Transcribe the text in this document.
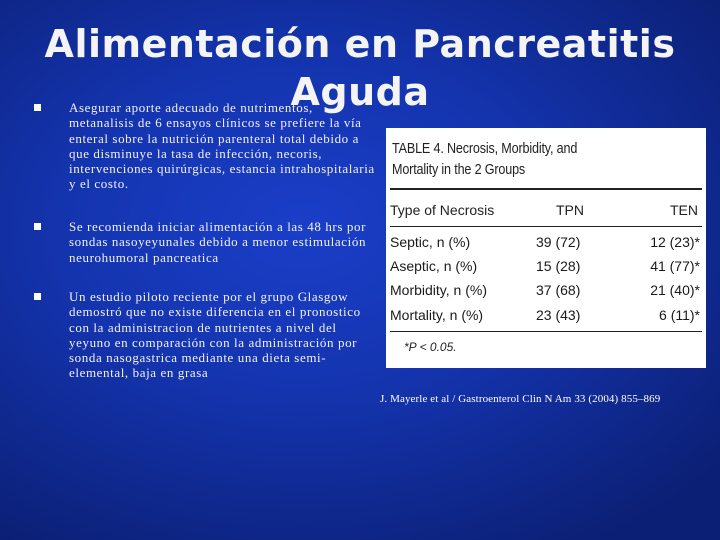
Alimentación en Pancreatitis Aguda
Asegurar aporte adecuado de nutrimentos, metanalisis de 6 ensayos clínicos se prefiere la vía enteral sobre la nutrición parenteral total debido a que disminuye la tasa de infección, necoris, intervenciones quirúrgicas, estancia intrahospitalaria y el costo.
Se recomienda iniciar alimentación a las 48 hrs por sondas nasoyeyunales debido a menor estimulación neurohumoral pancreatica
Un estudio piloto reciente por el grupo Glasgow demostró que no existe diferencia en el pronostico con la administracion de nutrientes a nivel del yeyuno en comparación con la administración por sonda nasogastrica mediante una dieta semi-elemental, baja en grasa
TABLE 4. Necrosis, Morbidity, and Mortality in the 2 Groups
Type of Necrosis	TPN	TEN
Septic, n (%)	39 (72)	12 (23)*
Aseptic, n (%)	15 (28)	41 (77)*
Morbidity, n (%)	37 (68)	21 (40)*
Mortality, n (%)	23 (43)	6 (11)*
*P < 0.05.
J. Mayerle et al / Gastroenterol Clin N Am 33 (2004) 855–869
